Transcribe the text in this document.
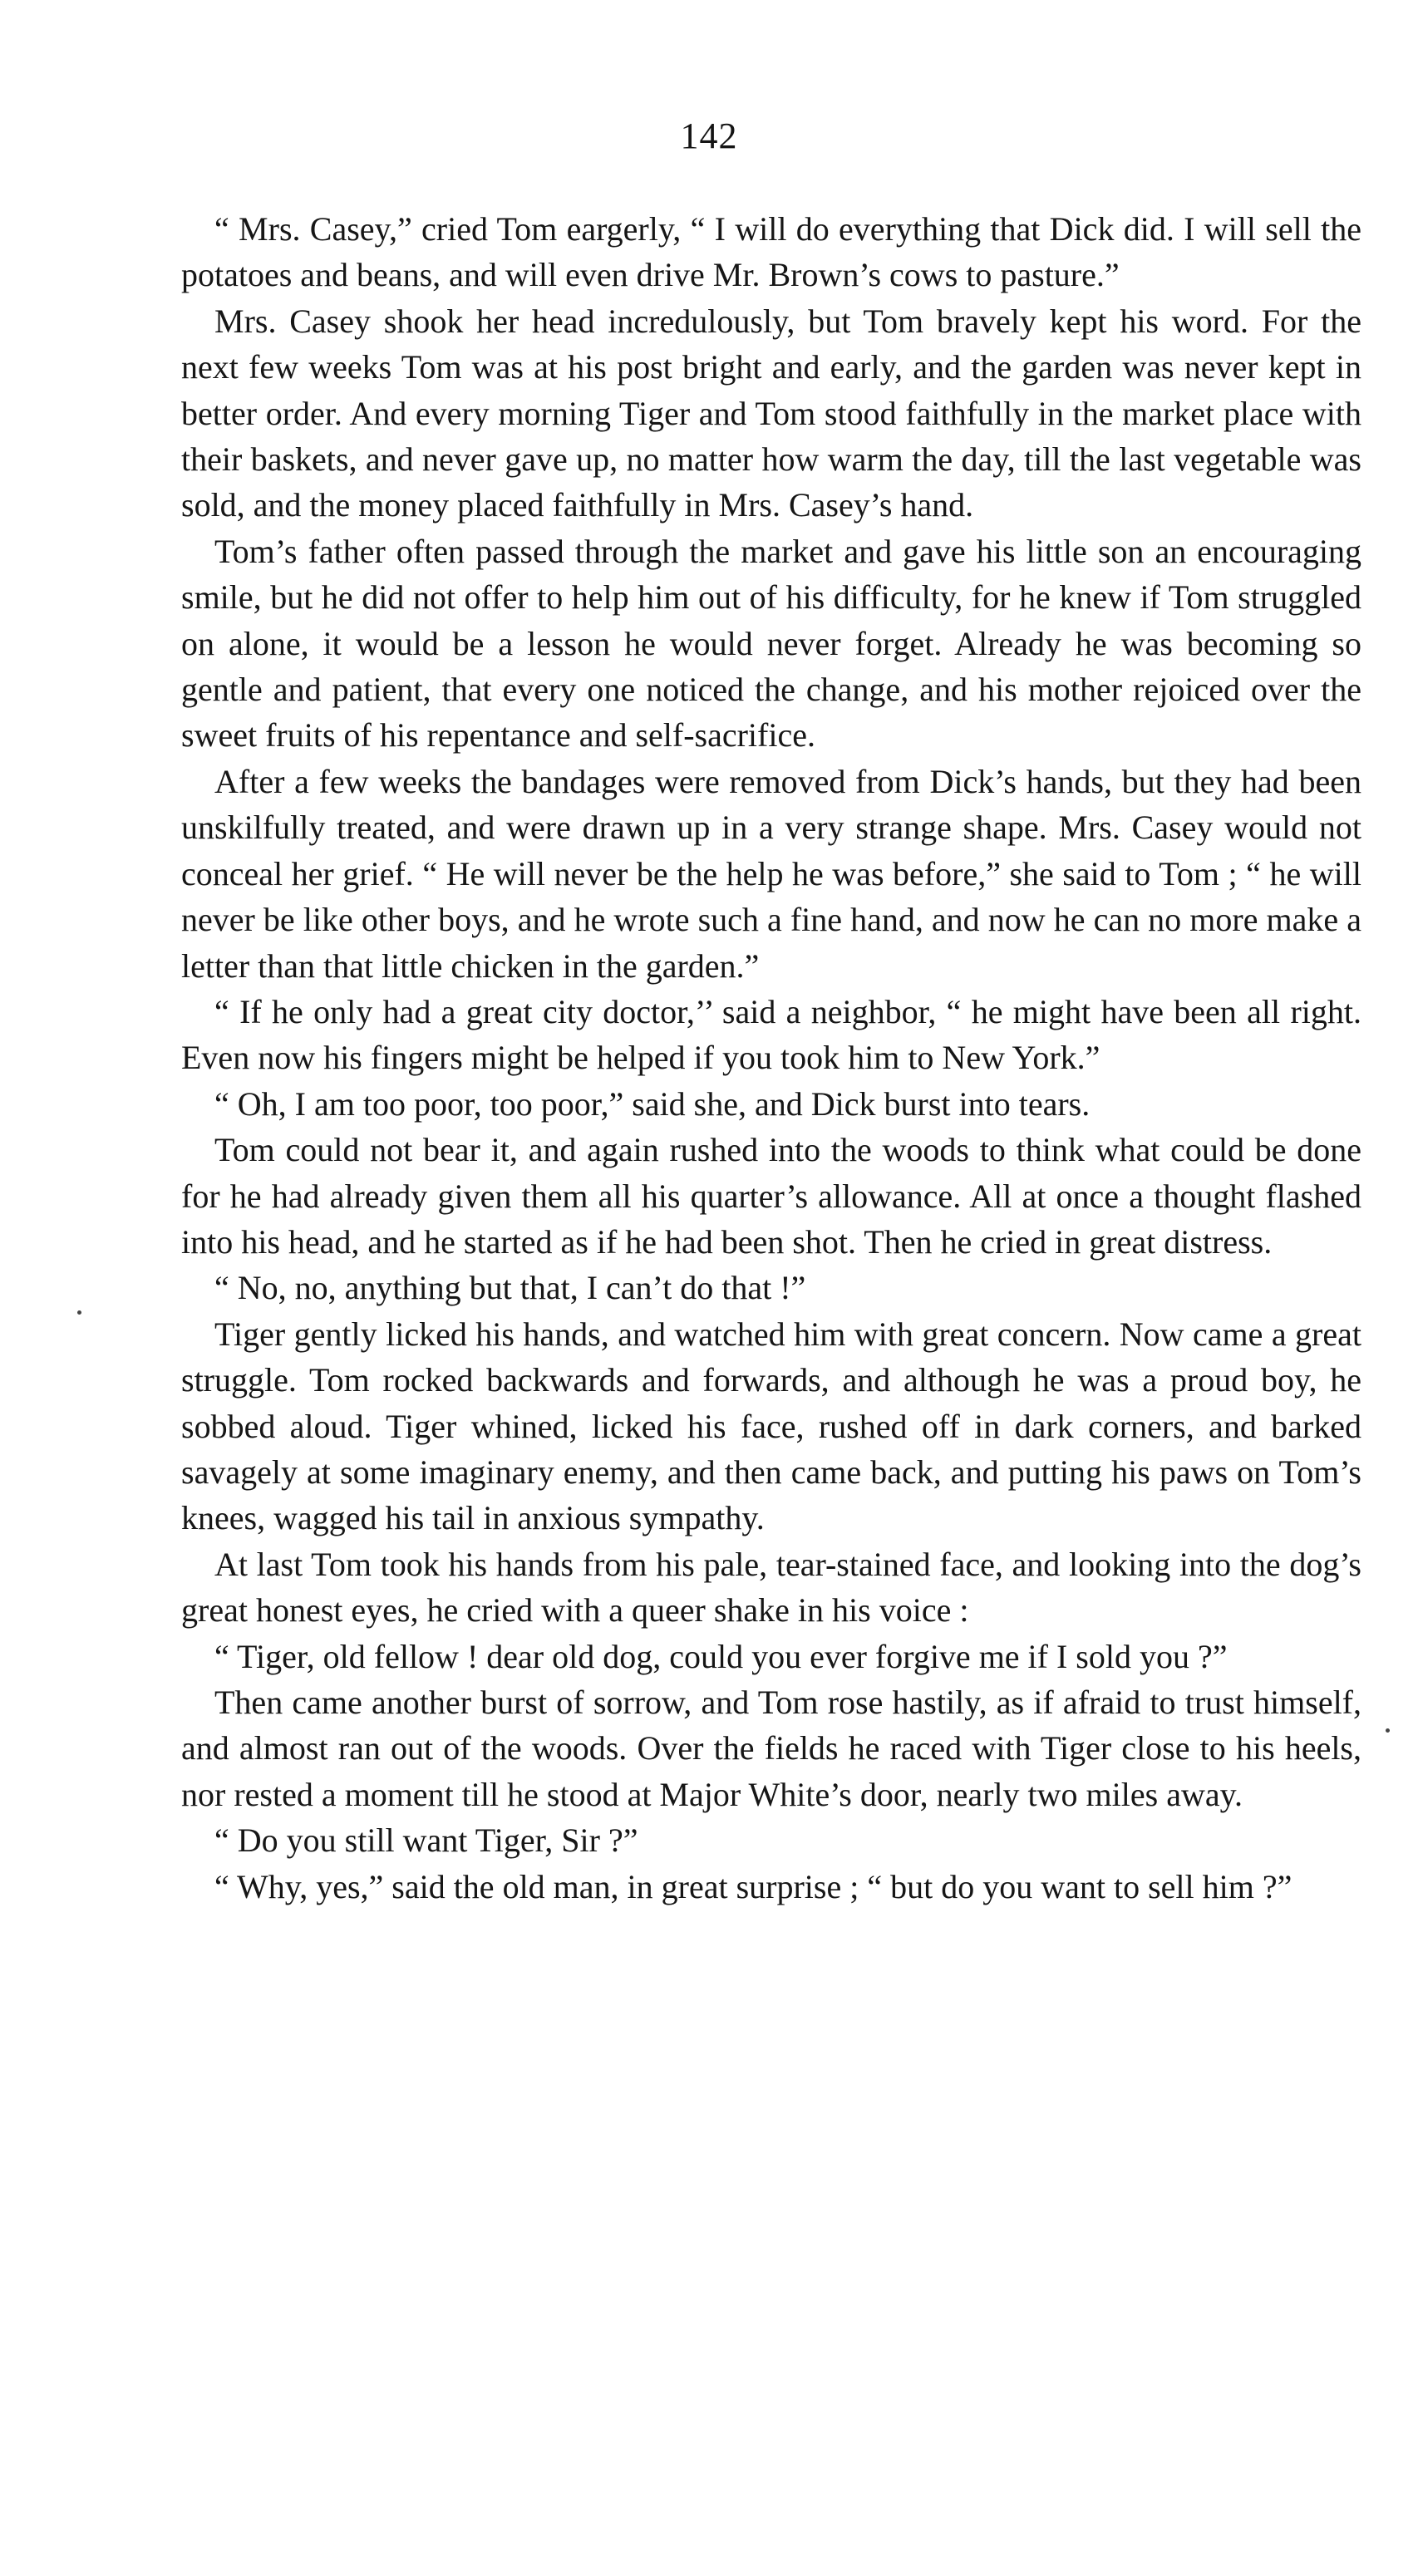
142

“ Mrs. Casey,” cried Tom eargerly, “ I will do everything that Dick did. I will sell the potatoes and beans, and will even drive Mr. Brown’s cows to pasture.”

Mrs. Casey shook her head incredulously, but Tom bravely kept his word. For the next few weeks Tom was at his post bright and early, and the garden was never kept in better order. And every morning Tiger and Tom stood faithfully in the market place with their baskets, and never gave up, no matter how warm the day, till the last vegetable was sold, and the money placed faithfully in Mrs. Casey’s hand.

Tom’s father often passed through the market and gave his little son an encouraging smile, but he did not offer to help him out of his difficulty, for he knew if Tom struggled on alone, it would be a lesson he would never forget. Already he was becoming so gentle and patient, that every one noticed the change, and his mother rejoiced over the sweet fruits of his repentance and self-sacrifice.

After a few weeks the bandages were removed from Dick’s hands, but they had been unskilfully treated, and were drawn up in a very strange shape. Mrs. Casey would not conceal her grief. “ He will never be the help he was before,” she said to Tom ; “ he will never be like other boys, and he wrote such a fine hand, and now he can no more make a letter than that little chicken in the garden.”

“ If he only had a great city doctor,’’ said a neighbor, “ he might have been all right. Even now his fingers might be helped if you took him to New York.”

“ Oh, I am too poor, too poor,” said she, and Dick burst into tears.

Tom could not bear it, and again rushed into the woods to think what could be done for he had already given them all his quarter’s allowance. All at once a thought flashed into his head, and he started as if he had been shot. Then he cried in great distress.

“ No, no, anything but that, I can’t do that !”

Tiger gently licked his hands, and watched him with great concern. Now came a great struggle. Tom rocked backwards and forwards, and although he was a proud boy, he sobbed aloud. Tiger whined, licked his face, rushed off in dark corners, and barked savagely at some imaginary enemy, and then came back, and putting his paws on Tom’s knees, wagged his tail in anxious sympathy.

At last Tom took his hands from his pale, tear-stained face, and looking into the dog’s great honest eyes, he cried with a queer shake in his voice :

“ Tiger, old fellow ! dear old dog, could you ever forgive me if I sold you ?”

Then came another burst of sorrow, and Tom rose hastily, as if afraid to trust himself, and almost ran out of the woods. Over the fields he raced with Tiger close to his heels, nor rested a moment till he stood at Major White’s door, nearly two miles away.

“ Do you still want Tiger, Sir ?”

“ Why, yes,” said the old man, in great surprise ; “ but do you want to sell him ?”
